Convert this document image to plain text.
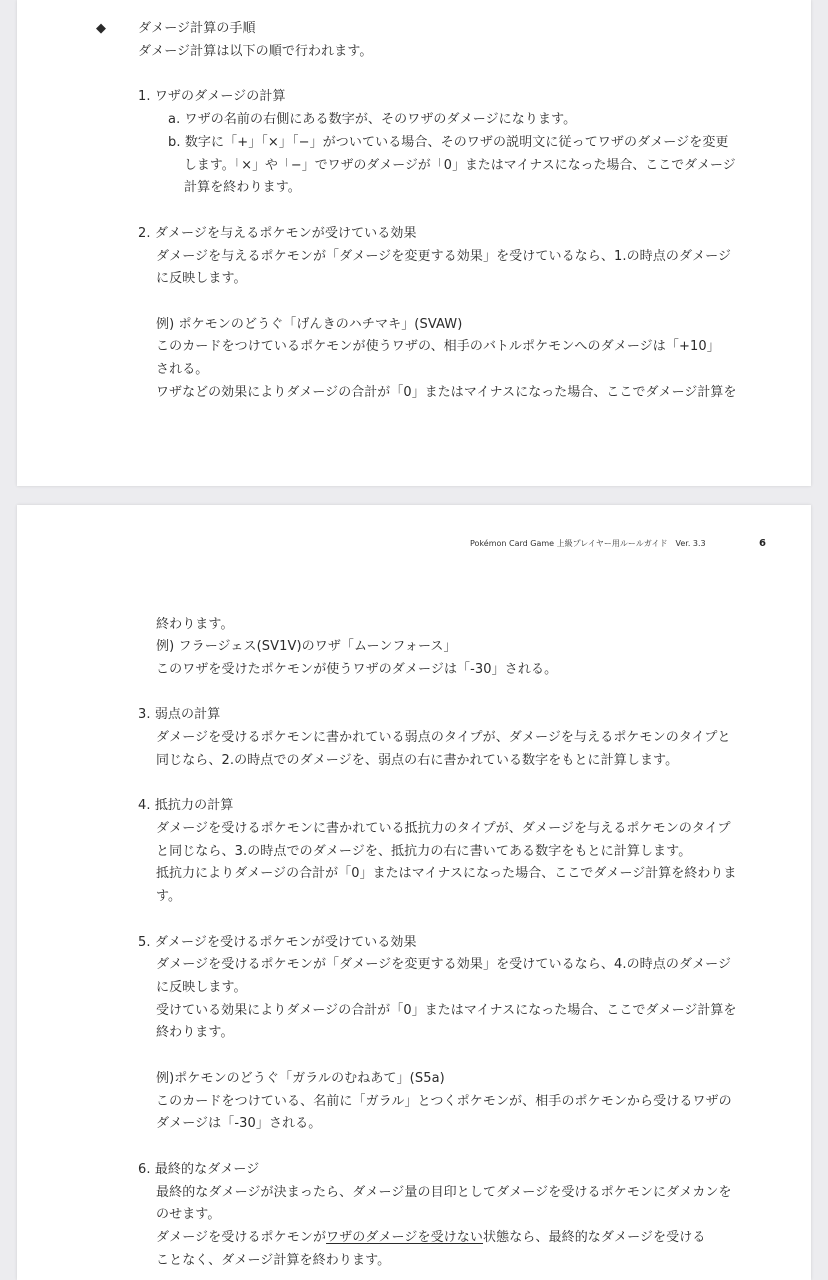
◆ ダメージ計算の手順
ダメージ計算は以下の順で行われます。
1. ワザのダメージの計算
a. ワザの名前の右側にある数字が、そのワザのダメージになります。
b. 数字に「+」「×」「−」がついている場合、そのワザの説明文に従ってワザのダメージを変更
します。「×」や「−」でワザのダメージが「0」またはマイナスになった場合、ここでダメージ
計算を終わります。
2. ダメージを与えるポケモンが受けている効果
ダメージを与えるポケモンが「ダメージを変更する効果」を受けているなら、1.の時点のダメージ
に反映します。
例) ポケモンのどうぐ「げんきのハチマキ」(SVAW)
このカードをつけているポケモンが使うワザの、相手のバトルポケモンへのダメージは「+10」
される。
ワザなどの効果によりダメージの合計が「0」またはマイナスになった場合、ここでダメージ計算を
Pokémon Card Game 上級プレイヤー用ルールガイド　Ver. 3.3	6
終わります。
例) フラージェス(SV1V)のワザ「ムーンフォース」
このワザを受けたポケモンが使うワザのダメージは「-30」される。
3. 弱点の計算
ダメージを受けるポケモンに書かれている弱点のタイプが、ダメージを与えるポケモンのタイプと
同じなら、2.の時点でのダメージを、弱点の右に書かれている数字をもとに計算します。
4. 抵抗力の計算
ダメージを受けるポケモンに書かれている抵抗力のタイプが、ダメージを与えるポケモンのタイプ
と同じなら、3.の時点でのダメージを、抵抗力の右に書いてある数字をもとに計算します。
抵抗力によりダメージの合計が「0」またはマイナスになった場合、ここでダメージ計算を終わりま
す。
5. ダメージを受けるポケモンが受けている効果
ダメージを受けるポケモンが「ダメージを変更する効果」を受けているなら、4.の時点のダメージ
に反映します。
受けている効果によりダメージの合計が「0」またはマイナスになった場合、ここでダメージ計算を
終わります。
例)ポケモンのどうぐ「ガラルのむねあて」(S5a)
このカードをつけている、名前に「ガラル」とつくポケモンが、相手のポケモンから受けるワザの
ダメージは「-30」される。
6. 最終的なダメージ
最終的なダメージが決まったら、ダメージ量の目印としてダメージを受けるポケモンにダメカンを
のせます。
ダメージを受けるポケモンがワザのダメージを受けない状態なら、最終的なダメージを受ける
ことなく、ダメージ計算を終わります。
